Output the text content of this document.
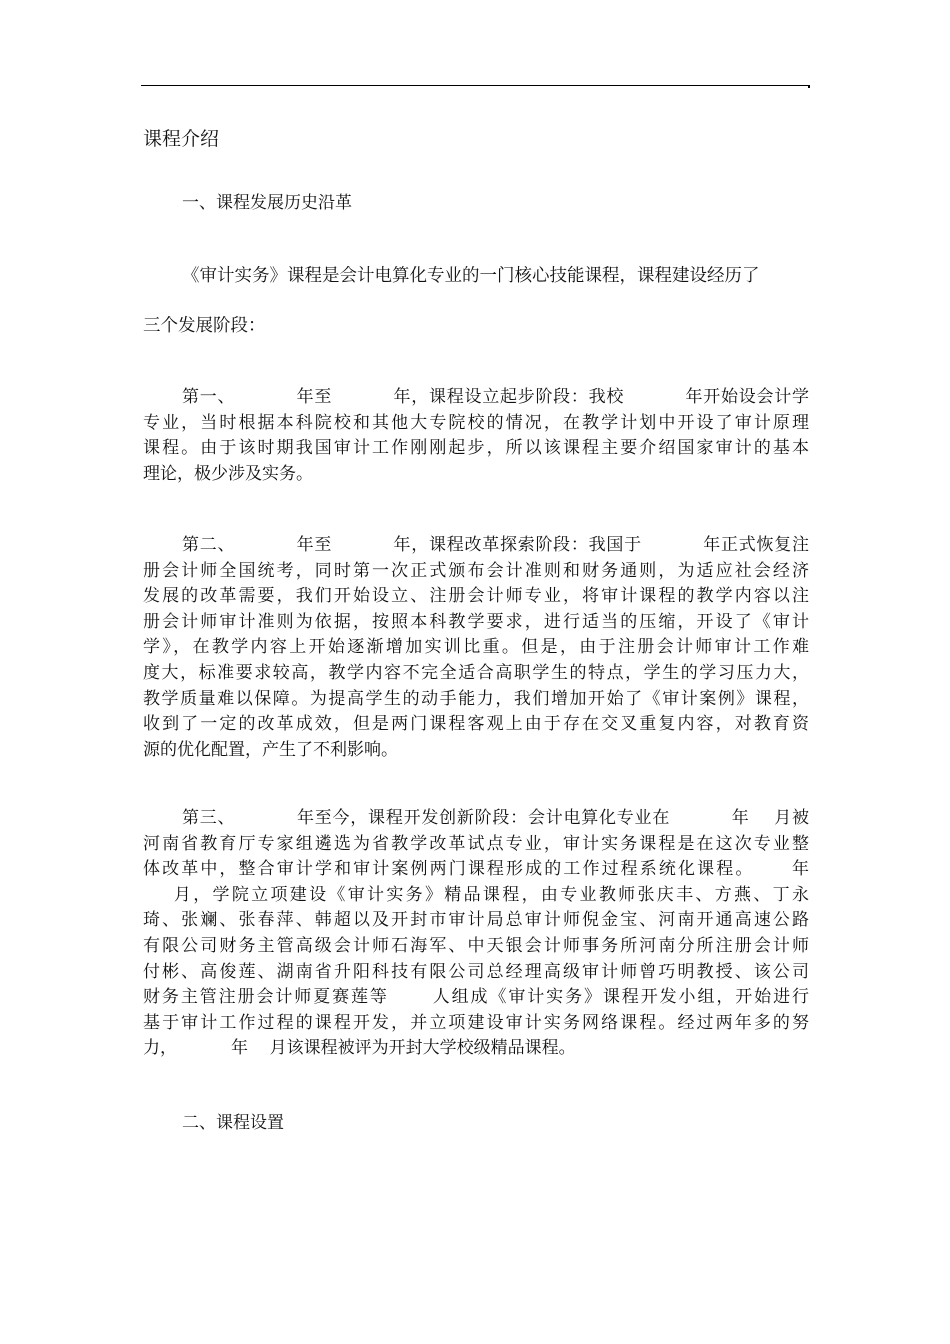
课程介绍
一、课程发展历史沿革
《审计实务》课程是会计电算化专业的一门核心技能课程，课程建设经历了
三个发展阶段：
第一、          年至          年，课程设立起步阶段：我校          年开始设会计学
专业，当时根据本科院校和其他大专院校的情况，在教学计划中开设了审计原理
课程。由于该时期我国审计工作刚刚起步，所以该课程主要介绍国家审计的基本
理论，极少涉及实务。
第二、          年至          年，课程改革探索阶段：我国于          年正式恢复注
册会计师全国统考，同时第一次正式颁布会计准则和财务通则，为适应社会经济
发展的改革需要，我们开始设立、注册会计师专业，将审计课程的教学内容以注
册会计师审计准则为依据，按照本科教学要求，进行适当的压缩，开设了《审计
学》，在教学内容上开始逐渐增加实训比重。但是，由于注册会计师审计工作难
度大，标准要求较高，教学内容不完全适合高职学生的特点，学生的学习压力大，
教学质量难以保障。为提高学生的动手能力，我们增加开始了《审计案例》课程，
收到了一定的改革成效，但是两门课程客观上由于存在交叉重复内容，对教育资
源的优化配置，产生了不利影响。
第三、          年至今，课程开发创新阶段：会计电算化专业在          年    月被
河南省教育厅专家组遴选为省教学改革试点专业，审计实务课程是在这次专业整
体改革中，整合审计学和审计案例两门课程形成的工作过程系统化课程。     年
月，学院立项建设《审计实务》精品课程，由专业教师张庆丰、方燕、丁永
琦、张斓、张春萍、韩超以及开封市审计局总审计师倪金宝、河南开通高速公路
有限公司财务主管高级会计师石海军、中天银会计师事务所河南分所注册会计师
付彬、高俊莲、湖南省升阳科技有限公司总经理高级审计师曾巧明教授、该公司
财务主管注册会计师夏赛莲等      人组成《审计实务》课程开发小组，开始进行
基于审计工作过程的课程开发，并立项建设审计实务网络课程。经过两年多的努
力，          年    月该课程被评为开封大学校级精品课程。
二、课程设置
